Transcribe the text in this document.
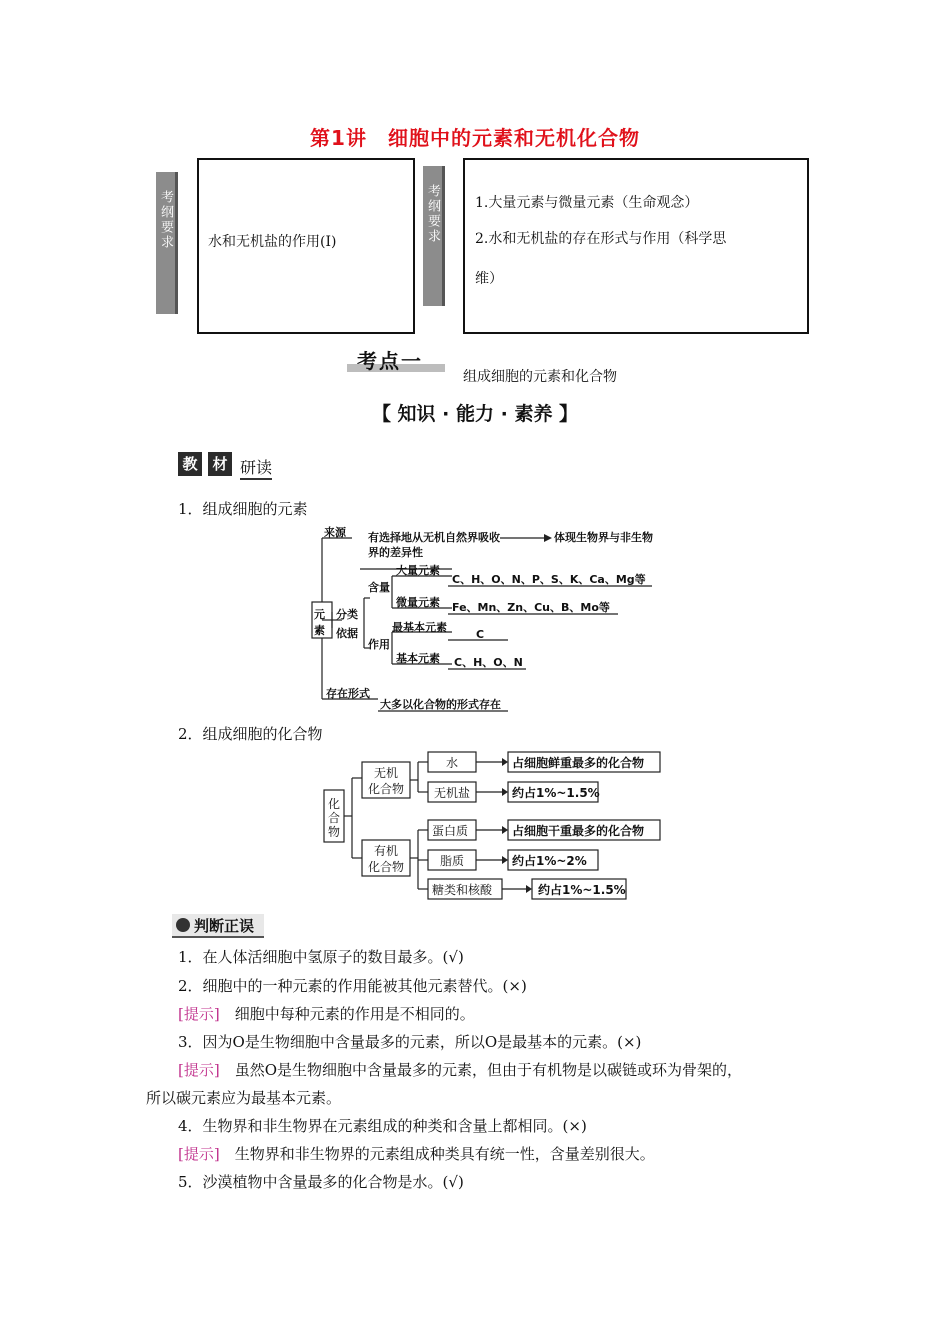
第1讲　细胞中的元素和无机化合物
考纲要求	水和无机盐的作用(Ⅰ)	考纲要求	1.大量元素与微量元素（生命观念）
2.水和无机盐的存在形式与作用（科学思
维）
考点一
组成细胞的元素和化合物
【 知识 · 能力 · 素养 】
教 材 研读
1．组成细胞的元素
元
素
来源 有选择地从无机自然界吸收	体现生物界与非生物
界的差异性
分类
依据
含量
大量元素
C、H、O、N、P、S、K、Ca、Mg等
微量元素 Fe、Mn、Zn、Cu、B、Mo等
作用
最基本元素
C
基本元素 C、H、O、N
存在形式
大多以化合物的形式存在
2．组成细胞的化合物
化
合
物
无机
化合物
有机
化合物
水
无机盐
蛋白质
脂质
糖类和核酸
占细胞鲜重最多的化合物
约占1%~1.5%
占细胞干重最多的化合物
约占1%~2%
约占1%~1.5%
判断正误
1．在人体活细胞中氢原子的数目最多。(√)
2．细胞中的一种元素的作用能被其他元素替代。(×)
[提示]　 细胞中每种元素的作用是不相同的。
3．因为O是生物细胞中含量最多的元素，所以O是最基本的元素。(×)
[提示]　 虽然O是生物细胞中含量最多的元素，但由于有机物是以碳链或环为骨架的，
所以碳元素应为最基本元素。
4．生物界和非生物界在元素组成的种类和含量上都相同。(×)
[提示]　 生物界和非生物界的元素组成种类具有统一性，含量差别很大。
5．沙漠植物中含量最多的化合物是水。(√)
